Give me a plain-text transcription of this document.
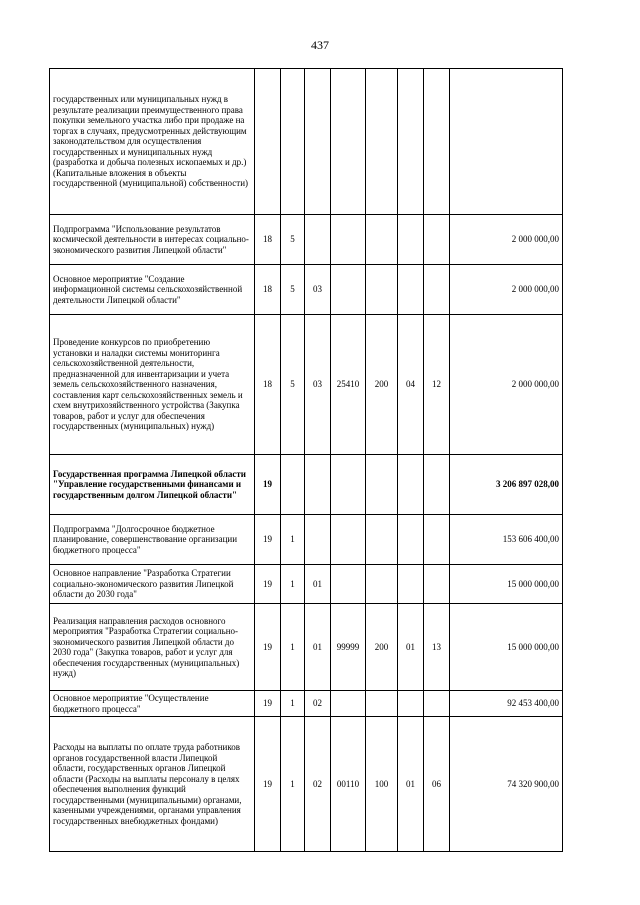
437
государственных или муниципальных нужд в результате реализации преимущественного права покупки земельного участка либо при продаже на торгах в случаях, предусмотренных действующим законодательством для осуществления государственных и муниципальных нужд (разработка и добыча полезных ископаемых и др.) (Капитальные вложения в объекты государственной (муниципальной) собственности)								
Подпрограмма "Использование результатов космической деятельности в интересах социально-экономического развития Липецкой области"	18	5						2 000 000,00
Основное мероприятие "Создание информационной системы сельскохозяйственной деятельности Липецкой области"	18	5	03					2 000 000,00
Проведение конкурсов по приобретению установки и наладки системы мониторинга сельскохозяйственной деятельности, предназначенной для инвентаризации и учета земель сельскохозяйственного назначения, составления карт сельскохозяйственных земель и схем внутрихозяйственного устройства (Закупка товаров, работ и услуг для обеспечения государственных (муниципальных) нужд)	18	5	03	25410	200	04	12	2 000 000,00
Государственная программа Липецкой области "Управление государственными финансами и государственным долгом Липецкой области"	19							3 206 897 028,00
Подпрограмма "Долгосрочное бюджетное планирование, совершенствование организации бюджетного процесса"	19	1						153 606 400,00
Основное направление "Разработка Стратегии социально-экономического развития Липецкой области до 2030 года"	19	1	01					15 000 000,00
Реализация направления расходов основного мероприятия "Разработка Стратегии социально-экономического развития Липецкой области до 2030 года" (Закупка товаров, работ и услуг для обеспечения государственных (муниципальных) нужд)	19	1	01	99999	200	01	13	15 000 000,00
Основное мероприятие "Осуществление бюджетного процесса"	19	1	02					92 453 400,00
Расходы на выплаты по оплате труда работников органов государственной власти Липецкой области, государственных органов Липецкой области (Расходы на выплаты персоналу в целях обеспечения выполнения функций государственными (муниципальными) органами, казенными учреждениями, органами управления государственных внебюджетных фондами)	19	1	02	00110	100	01	06	74 320 900,00
